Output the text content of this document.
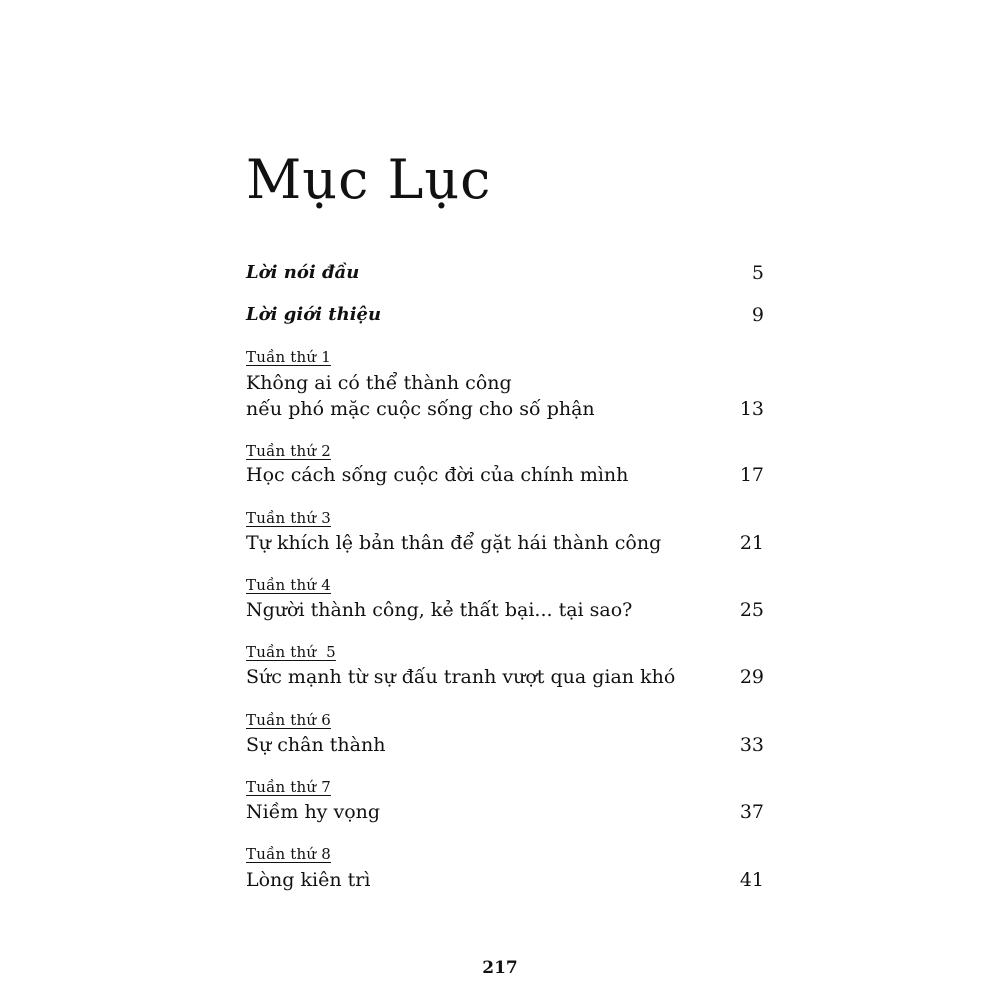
Mục Lục
Lời nói đầu	5
Lời giới thiệu	9
Tuần thứ 1
Không ai có thể thành công
nếu phó mặc cuộc sống cho số phận	13
Tuần thứ 2
Học cách sống cuộc đời của chính mình	17
Tuần thứ 3
Tự khích lệ bản thân để gặt hái thành công	21
Tuần thứ 4
Người thành công, kẻ thất bại... tại sao?	25
Tuần thứ  5
Sức mạnh từ sự đấu tranh vượt qua gian khó	29
Tuần thứ 6
Sự chân thành	33
Tuần thứ 7
Niềm hy vọng	37
Tuần thứ 8
Lòng kiên trì	41
217
